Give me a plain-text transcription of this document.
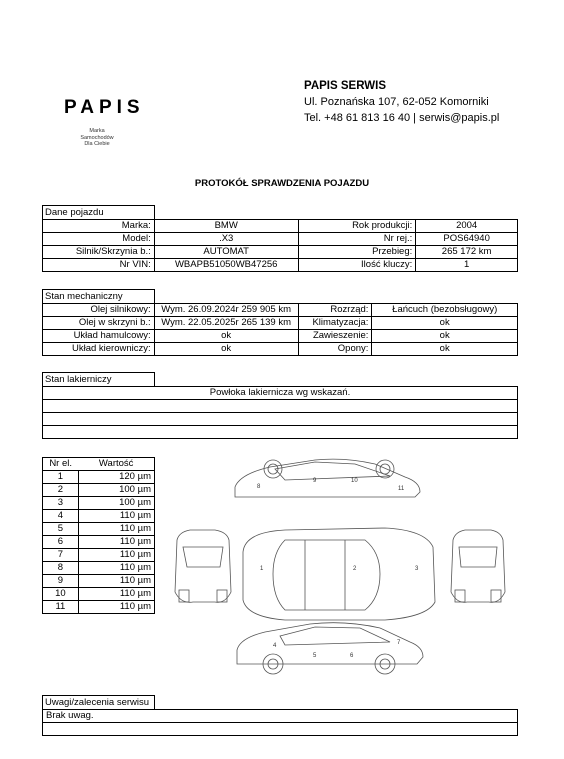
PAPIS
Marka
Samochodów
Dla Ciebie
PAPIS SERWIS
Ul. Poznańska 107, 62-052 Komorniki
Tel. +48 61 813 16 40 | serwis@papis.pl
PROTOKÓŁ SPRAWDZENIA POJAZDU
Dane pojazdu
Marka:	BMW	Rok produkcji:	2004
Model:	.X3	Nr rej.:	POS64940
Silnik/Skrzynia b.:	AUTOMAT	Przebieg:	265 172 km
Nr VIN:	WBAPB51050WB47256	Ilość kluczy:	1
Stan mechaniczny
Olej silnikowy:	Wym. 26.09.2024r 259 905 km	Rozrząd:	Łańcuch (bezobsługowy)
Olej w skrzyni b.:	Wym. 22.05.2025r 265 139 km	Klimatyzacja:	ok
Układ hamulcowy:	ok	Zawieszenie:	ok
Układ kierowniczy:	ok	Opony:	ok
Stan lakierniczy
Powłoka lakiernicza wg wskazań.

Nr el.	Wartość
1	120 µm
2	100 µm
3	100 µm
4	110 µm
5	110 µm
6	110 µm
7	110 µm
8	110 µm
9	110 µm
10	110 µm
11	110 µm
1	2	3
4
5	6
7
8
9	10
11
Uwagi/zalecenia serwisu
Brak uwag.
